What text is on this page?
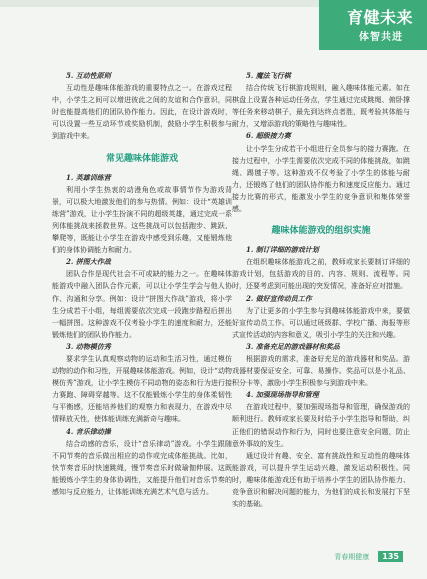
育健未来
体智共进
5. 互动性原则

互动性是趣味体能游戏的重要特点之一。在游戏过程中，小学生之间可以增进彼此之间的友谊和合作意识，同时也能提高他们的团队协作能力。因此，在设计游戏时，可以设置一些互动环节或奖励机制，鼓励小学生积极参与到游戏中来。

常见趣味体能游戏
1. 英雄训练营

利用小学生热衷的动漫角色或故事情节作为游戏背景，可以极大地激发他们的参与热情。例如：设计“英雄训练营”游戏，让小学生扮演不同的超级英雄，通过完成一系列体能挑战来拯救世界。这些挑战可以包括跑步、跳跃、攀爬等，既能让小学生在游戏中感受到乐趣，又能锻炼他们的身体协调能力和耐力。

2. 拼图大作战

团队合作是现代社会不可或缺的能力之一。在趣味体能游戏中融入团队合作元素，可以让小学生学会与他人协作、沟通和分享。例如：设计“拼图大作战”游戏，将小学生分成若干小组，每组需要依次完成一段跑步路程后拼出一幅拼图。这种游戏不仅考验小学生的速度和耐力，还能锻炼他们的团队协作能力。

3. 动物模仿秀

要求学生认真观察动物的运动和生活习性，通过模仿动物的动作和习性，开展趣味体能游戏。例如，设计“动物模仿秀”游戏，让小学生模仿不同动物的姿态和行为进行接力赛跑、障碍穿越等。这不仅能锻炼小学生的身体柔韧性与平衡感，还能培养他们的观察力和表现力，在游戏中尽情释放天性，使体能训练充满新奇与趣味。

4. 音乐律动操

结合动感的音乐，设计“音乐律动”游戏。小学生跟随不同节奏的音乐做出相应的动作或完成体能挑战。比如，快节奏音乐时快速跳绳，慢节奏音乐时做瑜伽伸展。这既能锻炼小学生的身体协调性，又能提升他们对音乐节奏的感知与反应能力，让体能训练充满艺术气息与活力。

5. 魔法飞行棋

结合传统飞行棋游戏规则，融入趣味体能元素。如在棋盘上设置各种运动任务点，学生通过完成跳绳、俯卧撑等任务来移动棋子，最先到达终点者胜，既考验其体能与耐力，又增添游戏的策略性与趣味性。

6. 超级接力赛

让小学生分成若干小组进行全员参与的接力赛跑。在接力过程中，小学生需要依次完成不同的体能挑战，如跳绳、踢毽子等。这种游戏不仅考验了小学生的体能与耐力，还锻炼了他们的团队协作能力和速度反应能力。通过接力比赛的形式，能激发小学生的竞争意识和集体荣誉感。

趣味体能游戏的组织实施
1. 制订详细的游戏计划

在组织趣味体能游戏之前，教师或家长要制订详细的游戏计划，包括游戏的目的、内容、规则、流程等。同时，还要考虑到可能出现的突发情况，准备好应对措施。

2. 做好宣传动员工作

为了让更多的小学生参与到趣味体能游戏中来，要做好宣传动员工作。可以通过班级群、学校广播、海报等形式宣传活动的内容和意义，吸引小学生的关注和兴趣。

3. 准备充足的游戏器材和奖品

根据游戏的需求，准备好充足的游戏器材和奖品。游戏器材要保证安全、可靠、易操作。奖品可以是小礼品、积分卡等，激励小学生积极参与到游戏中来。

4. 加强现场指导和管理

在游戏过程中，要加强现场指导和管理，确保游戏的顺利进行。教师或家长要及时给予小学生指导和帮助，纠正他们的错误动作和行为，同时也要注意安全问题，防止意外事故的发生。

通过设计有趣、安全、富有挑战性和互动性的趣味体能游戏，可以提升学生运动兴趣，激发运动积极性。同时，趣味体能游戏还有助于培养小学生的团队协作能力、竞争意识和解决问题的能力，为他们的成长和发展打下坚实的基础。

青春期健康 135
